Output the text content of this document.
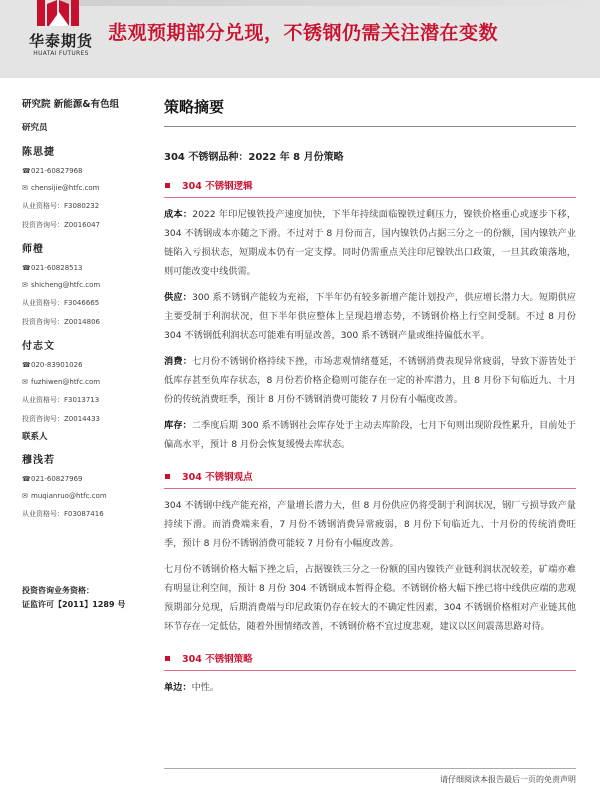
华泰期货
HUATAI FUTURES
悲观预期部分兑现，不锈钢仍需关注潜在变数
研究院 新能源&有色组
研究员
陈思捷
☎ 021-60827968
✉ chensijie@htfc.com
从业资格号：F3080232
投资咨询号：Z0016047
师橙
☎ 021-60828513
✉ shicheng@htfc.com
从业资格号：F3046665
投资咨询号：Z0014806
付志文
☎ 020-83901026
✉ fuzhiwen@htfc.com
从业资格号：F3013713
投资咨询号：Z0014433
联系人
穆浅若
☎ 021-60827969
✉ muqianruo@htfc.com
从业资格号：F03087416
投资咨询业务资格：
证监许可【2011】1289 号
策略摘要
304 不锈钢品种：2022 年 8 月份策略
304 不锈钢逻辑

成本：2022 年印尼镍铁投产速度加快，下半年持续面临镍铁过剩压力，镍铁价格重心或逐步下移，304 不锈钢成本亦随之下滑。不过对于 8 月份而言，国内镍铁仍占据三分之一的份额，国内镍铁产业链陷入亏损状态，短期成本仍有一定支撑。同时仍需重点关注印尼镍铁出口政策，一旦其政策落地，则可能改变中线供需。

供应：300 系不锈钢产能较为充裕，下半年仍有较多新增产能计划投产，供应增长潜力大。短期供应主要受制于利润状况，但下半年供应整体上呈现趋增态势，不锈钢价格上行空间受制。不过 8 月份 304 不锈钢低利润状态可能难有明显改善，300 系不锈钢产量或维持偏低水平。

消费：七月份不锈钢价格持续下挫，市场悲观情绪蔓延，不锈钢消费表现异常疲弱，导致下游皆处于低库存甚至负库存状态，8 月份若价格企稳则可能存在一定的补库潜力，且 8 月份下旬临近九、十月份的传统消费旺季，预计 8 月份不锈钢消费可能较 7 月份有小幅度改善。

库存：二季度后期 300 系不锈钢社会库存处于主动去库阶段，七月下旬则出现阶段性累升，目前处于偏高水平，预计 8 月份会恢复缓慢去库状态。

304 不锈钢观点

304 不锈钢中线产能充裕，产量增长潜力大，但 8 月份供应仍将受制于利润状况，钢厂亏损导致产量持续下滑。而消费端来看，7 月份不锈钢消费异常疲弱，8 月份下旬临近九、十月份的传统消费旺季，预计 8 月份不锈钢消费可能较 7 月份有小幅度改善。

七月份不锈钢价格大幅下挫之后，占据镍铁三分之一份额的国内镍铁产业链利润状况较差，矿端亦难有明显让利空间，预计 8 月份 304 不锈钢成本暂得企稳。不锈钢价格大幅下挫已将中线供应端的悲观预期部分兑现，后期消费端与印尼政策仍存在较大的不确定性因素，304 不锈钢价格相对产业链其他环节存在一定低估，随着外围情绪改善，不锈钢价格不宜过度悲观，建议以区间震荡思路对待。

304 不锈钢策略

单边：中性。

请仔细阅读本报告最后一页的免责声明
